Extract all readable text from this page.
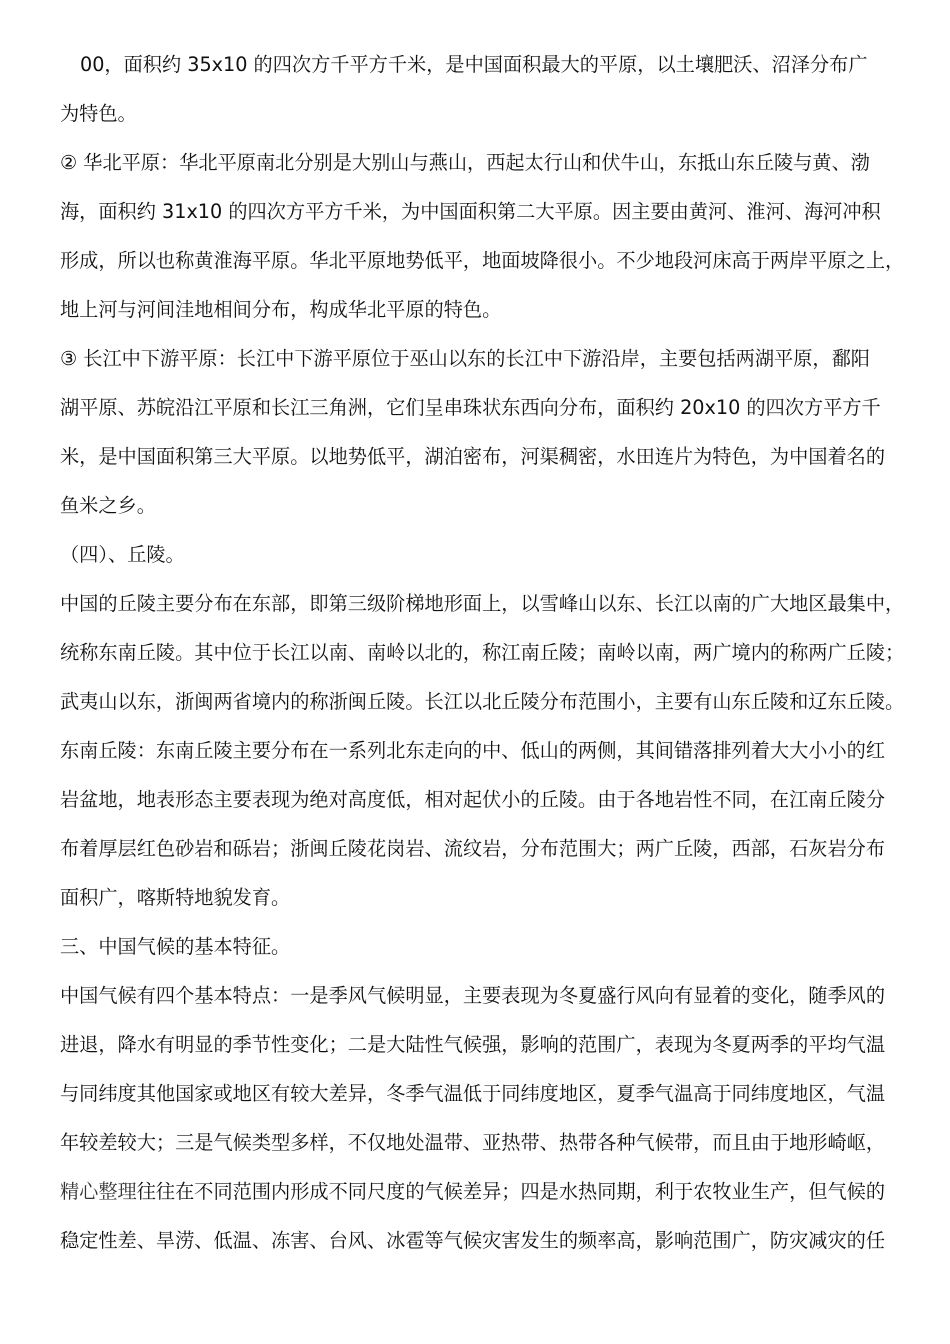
00，面积约 35x10 的四次方千平方千米，是中国面积最大的平原，以土壤肥沃、沼泽分布广
为特色。
② 华北平原：华北平原南北分别是大别山与燕山，西起太行山和伏牛山，东抵山东丘陵与黄、渤
海，面积约 31x10 的四次方平方千米，为中国面积第二大平原。因主要由黄河、淮河、海河冲积
形成，所以也称黄淮海平原。华北平原地势低平，地面坡降很小。不少地段河床高于两岸平原之上，
地上河与河间洼地相间分布，构成华北平原的特色。
③ 长江中下游平原：长江中下游平原位于巫山以东的长江中下游沿岸，主要包括两湖平原，鄱阳
湖平原、苏皖沿江平原和长江三角洲，它们呈串珠状东西向分布，面积约 20x10 的四次方平方千
米，是中国面积第三大平原。以地势低平，湖泊密布，河渠稠密，水田连片为特色，为中国着名的
鱼米之乡。
（四）、丘陵。
中国的丘陵主要分布在东部，即第三级阶梯地形面上，以雪峰山以东、长江以南的广大地区最集中，
统称东南丘陵。其中位于长江以南、南岭以北的，称江南丘陵；南岭以南，两广境内的称两广丘陵；
武夷山以东，浙闽两省境内的称浙闽丘陵。长江以北丘陵分布范围小，主要有山东丘陵和辽东丘陵。
东南丘陵：东南丘陵主要分布在一系列北东走向的中、低山的两侧，其间错落排列着大大小小的红
岩盆地，地表形态主要表现为绝对高度低，相对起伏小的丘陵。由于各地岩性不同，在江南丘陵分
布着厚层红色砂岩和砾岩；浙闽丘陵花岗岩、流纹岩，分布范围大；两广丘陵，西部，石灰岩分布
面积广，喀斯特地貌发育。
三、中国气候的基本特征。
中国气候有四个基本特点：一是季风气候明显，主要表现为冬夏盛行风向有显着的变化，随季风的
进退，降水有明显的季节性变化；二是大陆性气候强，影响的范围广，表现为冬夏两季的平均气温
与同纬度其他国家或地区有较大差异，冬季气温低于同纬度地区，夏季气温高于同纬度地区，气温
年较差较大；三是气候类型多样，不仅地处温带、亚热带、热带各种气候带，而且由于地形崎岖，
精心整理往往在不同范围内形成不同尺度的气候差异；四是水热同期，利于农牧业生产，但气候的
稳定性差、旱涝、低温、冻害、台风、冰雹等气候灾害发生的频率高，影响范围广，防灾减灾的任
